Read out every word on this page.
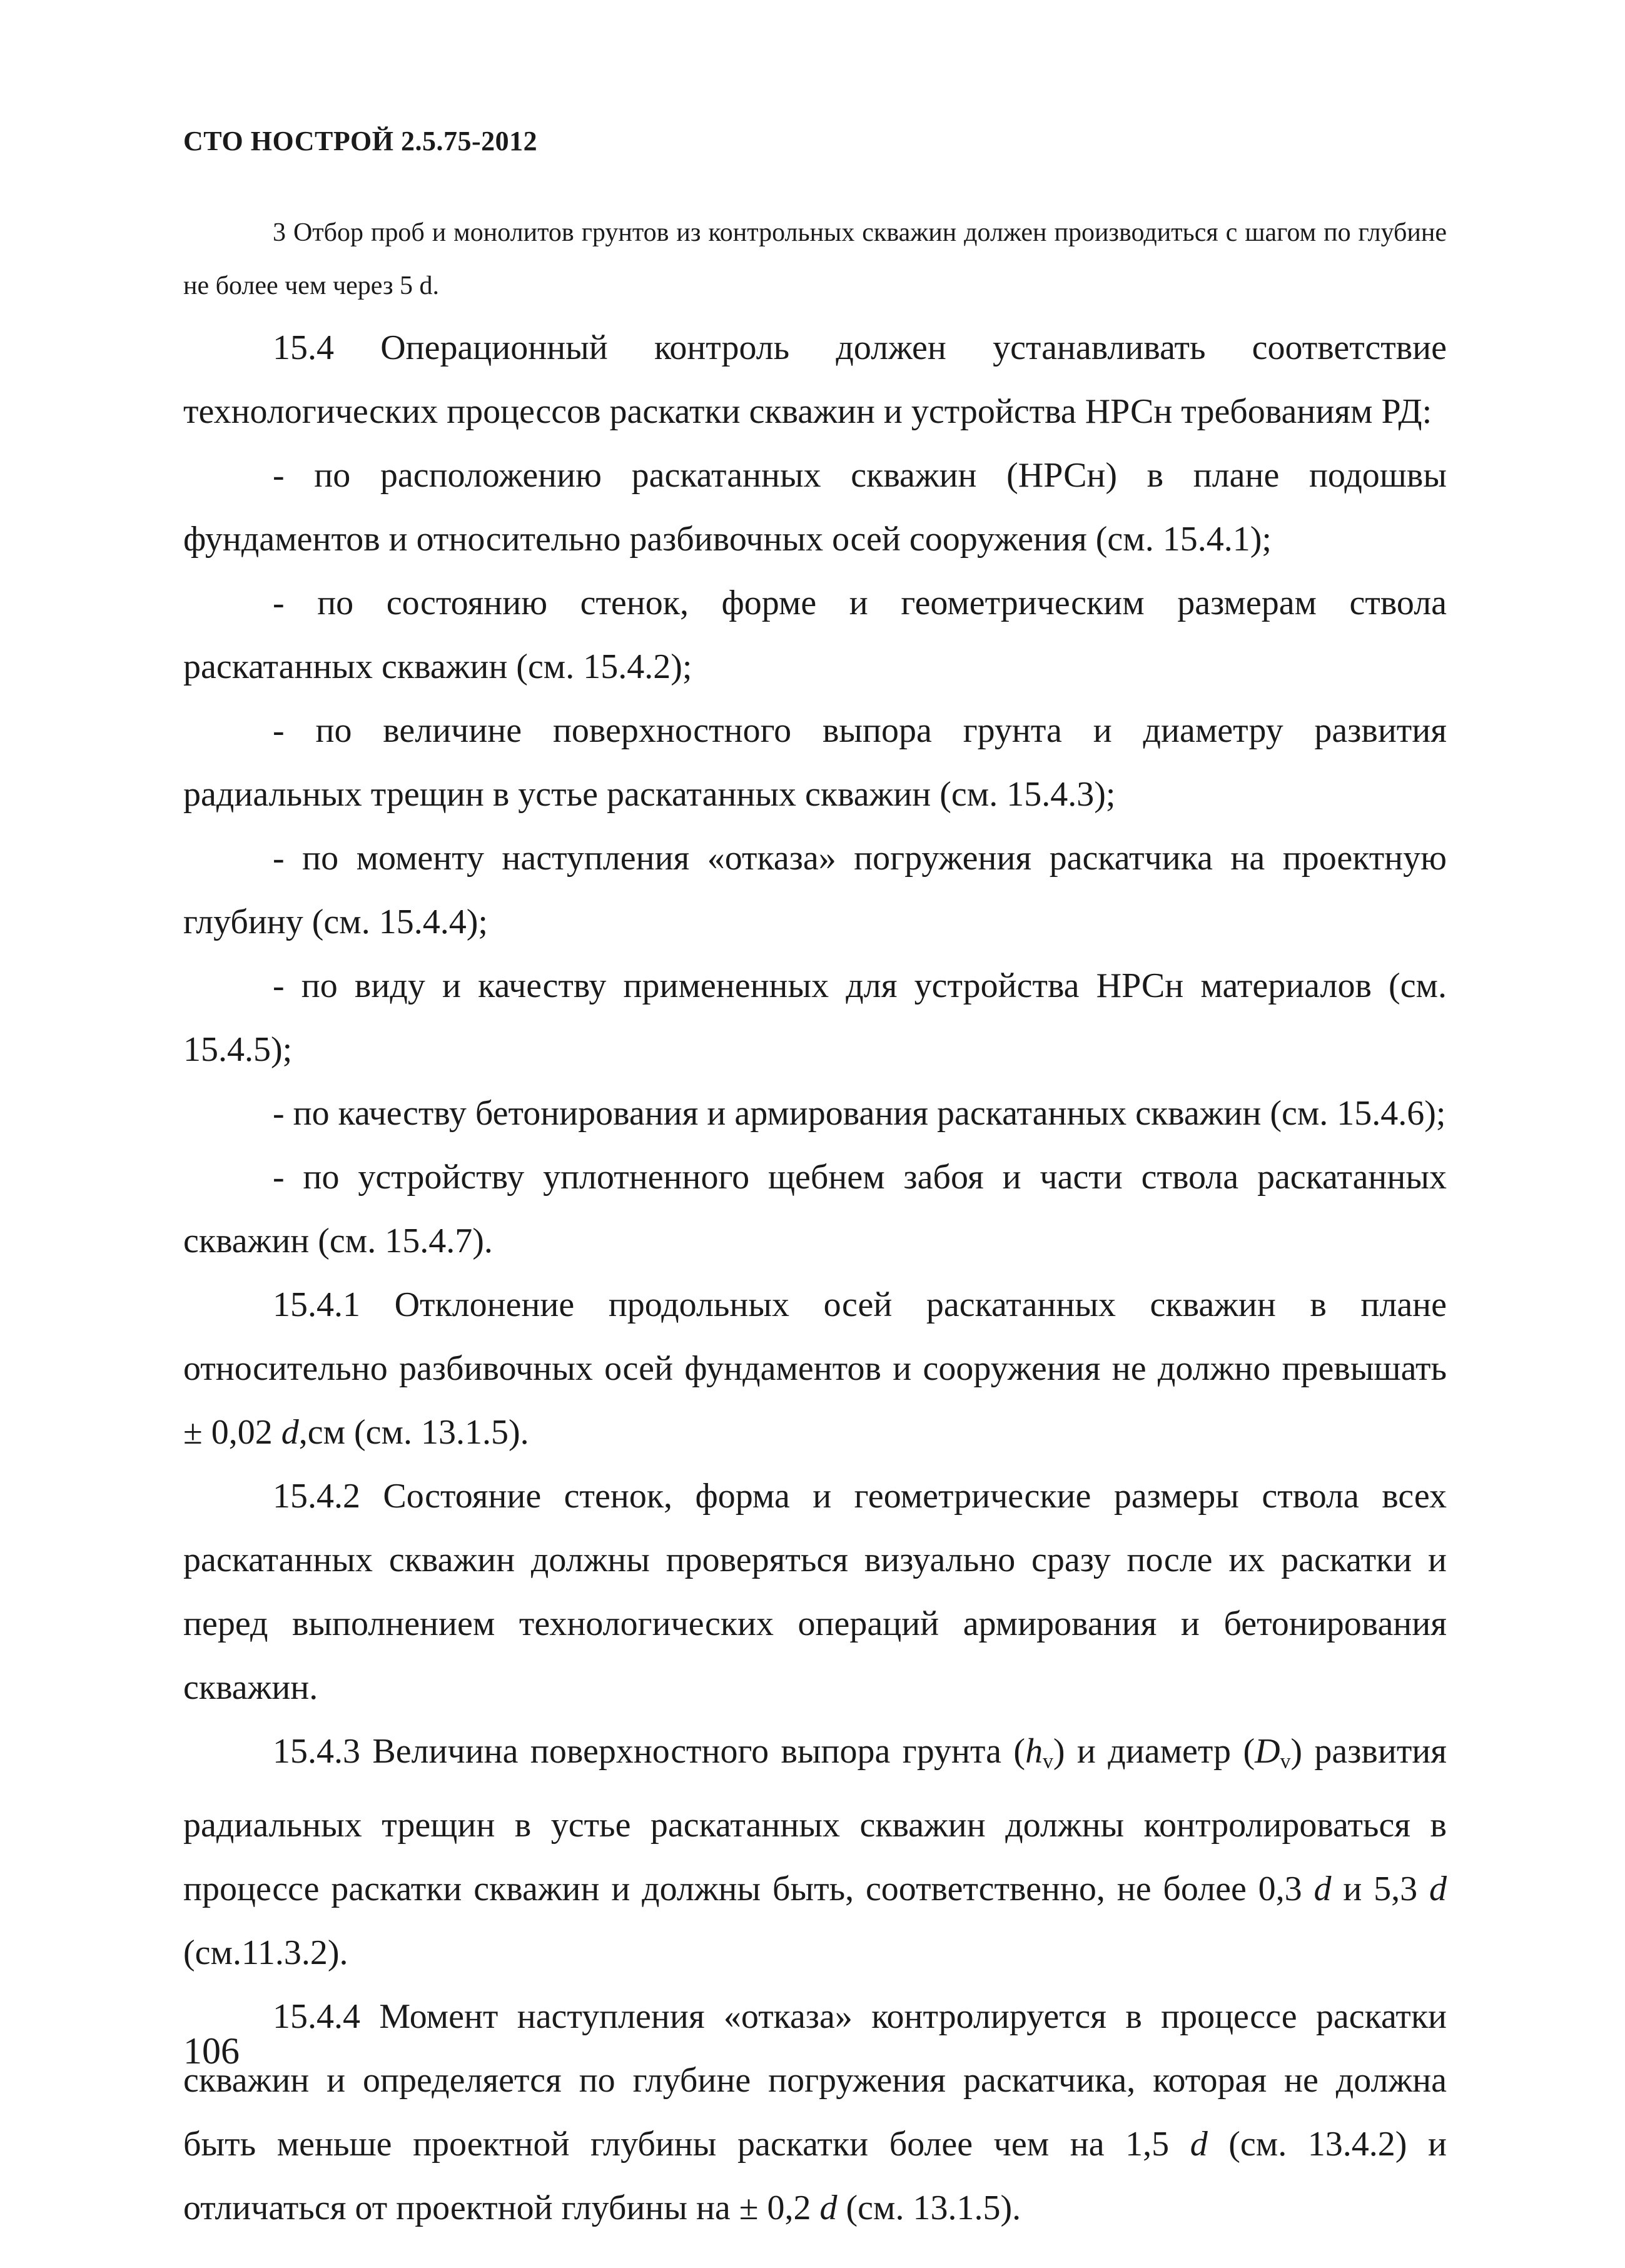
СТО НОСТРОЙ 2.5.75-2012
3 Отбор проб и монолитов грунтов из контрольных скважин должен производиться с шагом по глубине не более чем через 5 d.

15.4 Операционный контроль должен устанавливать соответствие технологических процессов раскатки скважин и устройства НРСн требованиям РД:

- по расположению раскатанных скважин (НРСн) в плане подошвы фундаментов и относительно разбивочных осей сооружения (см. 15.4.1);

- по состоянию стенок, форме и геометрическим размерам ствола раскатанных скважин (см. 15.4.2);

- по величине поверхностного выпора грунта и диаметру развития радиальных трещин в устье раскатанных скважин (см. 15.4.3);

- по моменту наступления «отказа» погружения раскатчика на проектную глубину (см. 15.4.4);

- по виду и качеству примененных для устройства НРСн материалов (см. 15.4.5);

- по качеству бетонирования и армирования раскатанных скважин (см. 15.4.6);

- по устройству уплотненного щебнем забоя и части ствола раскатанных скважин (см. 15.4.7).

15.4.1 Отклонение продольных осей раскатанных скважин в плане относительно разбивочных осей фундаментов и сооружения не должно превышать ± 0,02 d,см (см. 13.1.5).

15.4.2 Состояние стенок, форма и геометрические размеры ствола всех раскатанных скважин должны проверяться визуально сразу после их раскатки и перед выполнением технологических операций армирования и бетонирования скважин.

15.4.3 Величина поверхностного выпора грунта $(h_v)$ и диаметр $(D_v)$ развития радиальных трещин в устье раскатанных скважин должны контролироваться в процессе раскатки скважин и должны быть, соответственно, не более 0,3 d и 5,3 d (см.11.3.2).

15.4.4 Момент наступления «отказа» контролируется в процессе раскатки скважин и определяется по глубине погружения раскатчика, которая не должна быть меньше проектной глубины раскатки более чем на 1,5 d (см. 13.4.2) и отличаться от проектной глубины на ± 0,2 d (см. 13.1.5).

106
